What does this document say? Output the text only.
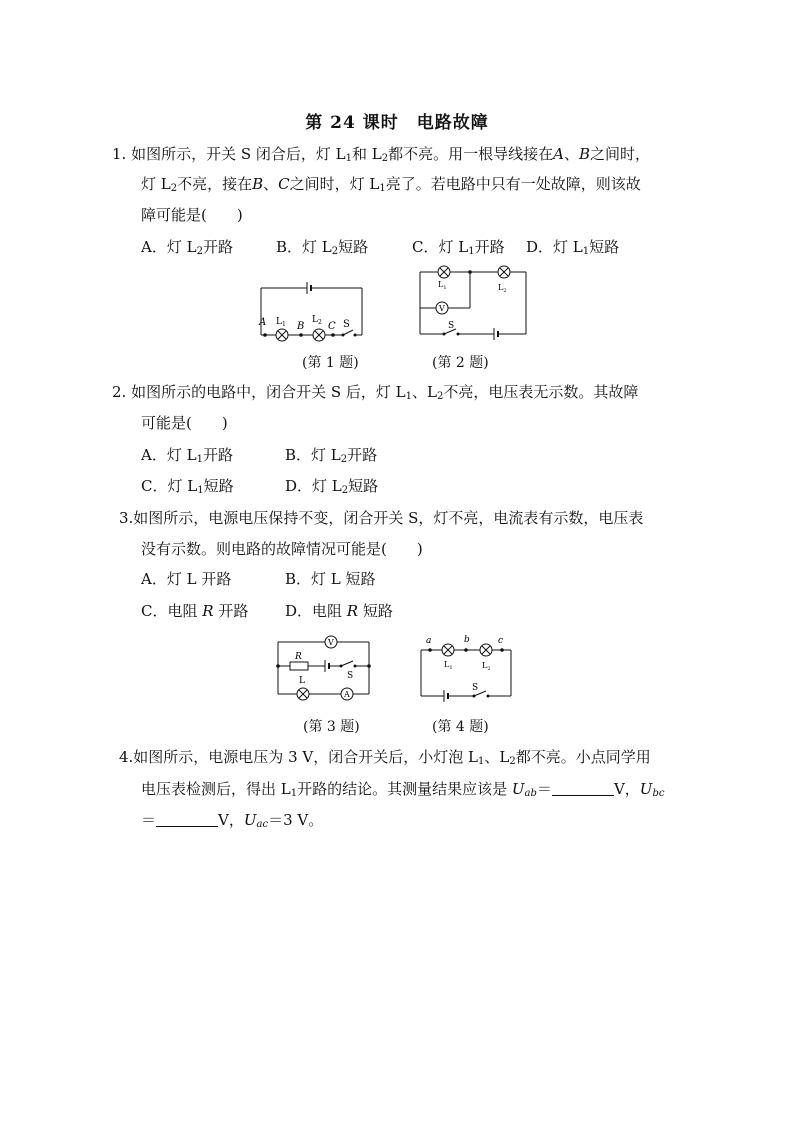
第 24 课时　电路故障
1. 如图所示，开关 S 闭合后，灯 $L_1$和 $L_2$都不亮。用一根导线接在A、B之间时，
灯 $L_2$不亮，接在B、C之间时，灯 $L_1$亮了。若电路中只有一处故障，则该故
障可能是(　　)
A．灯 $L_2$开路	B．灯 $L_2$短路	C．灯 $L_1$开路 D．灯 $L_1$短路
A	B C S
$L_1$	$L_2$
(第 1 题)
V
$L_1$	$L_2$
S
(第 2 题)
2. 如图所示的电路中，闭合开关 S 后，灯 $L_1$、$L_2$不亮，电压表无示数。其故障
可能是(　　)
A．灯 $L_1$开路	B．灯 $L_2$开路
C．灯 $L_1$短路	D．灯 $L_2$短路
3.如图所示，电源电压保持不变，闭合开关 S，灯不亮，电流表有示数，电压表
没有示数。则电路的故障情况可能是(　　)
A．灯 L 开路	B．灯 L 短路
C．电阻 R 开路 D．电阻 R 短路
V
A
R
L	S
(第 3 题)
a	b	c
$L_1$	$L_2$
S
(第 4 题)
4.如图所示，电源电压为 3 V，闭合开关后，小灯泡 $L_1$、$L_2$都不亮。小点同学用
电压表检测后，得出 $L_1$开路的结论。其测量结果应该是 $U_{ab}=$	V，$U_{bc}$
＝	V，$U_{ac}=3$ V。
